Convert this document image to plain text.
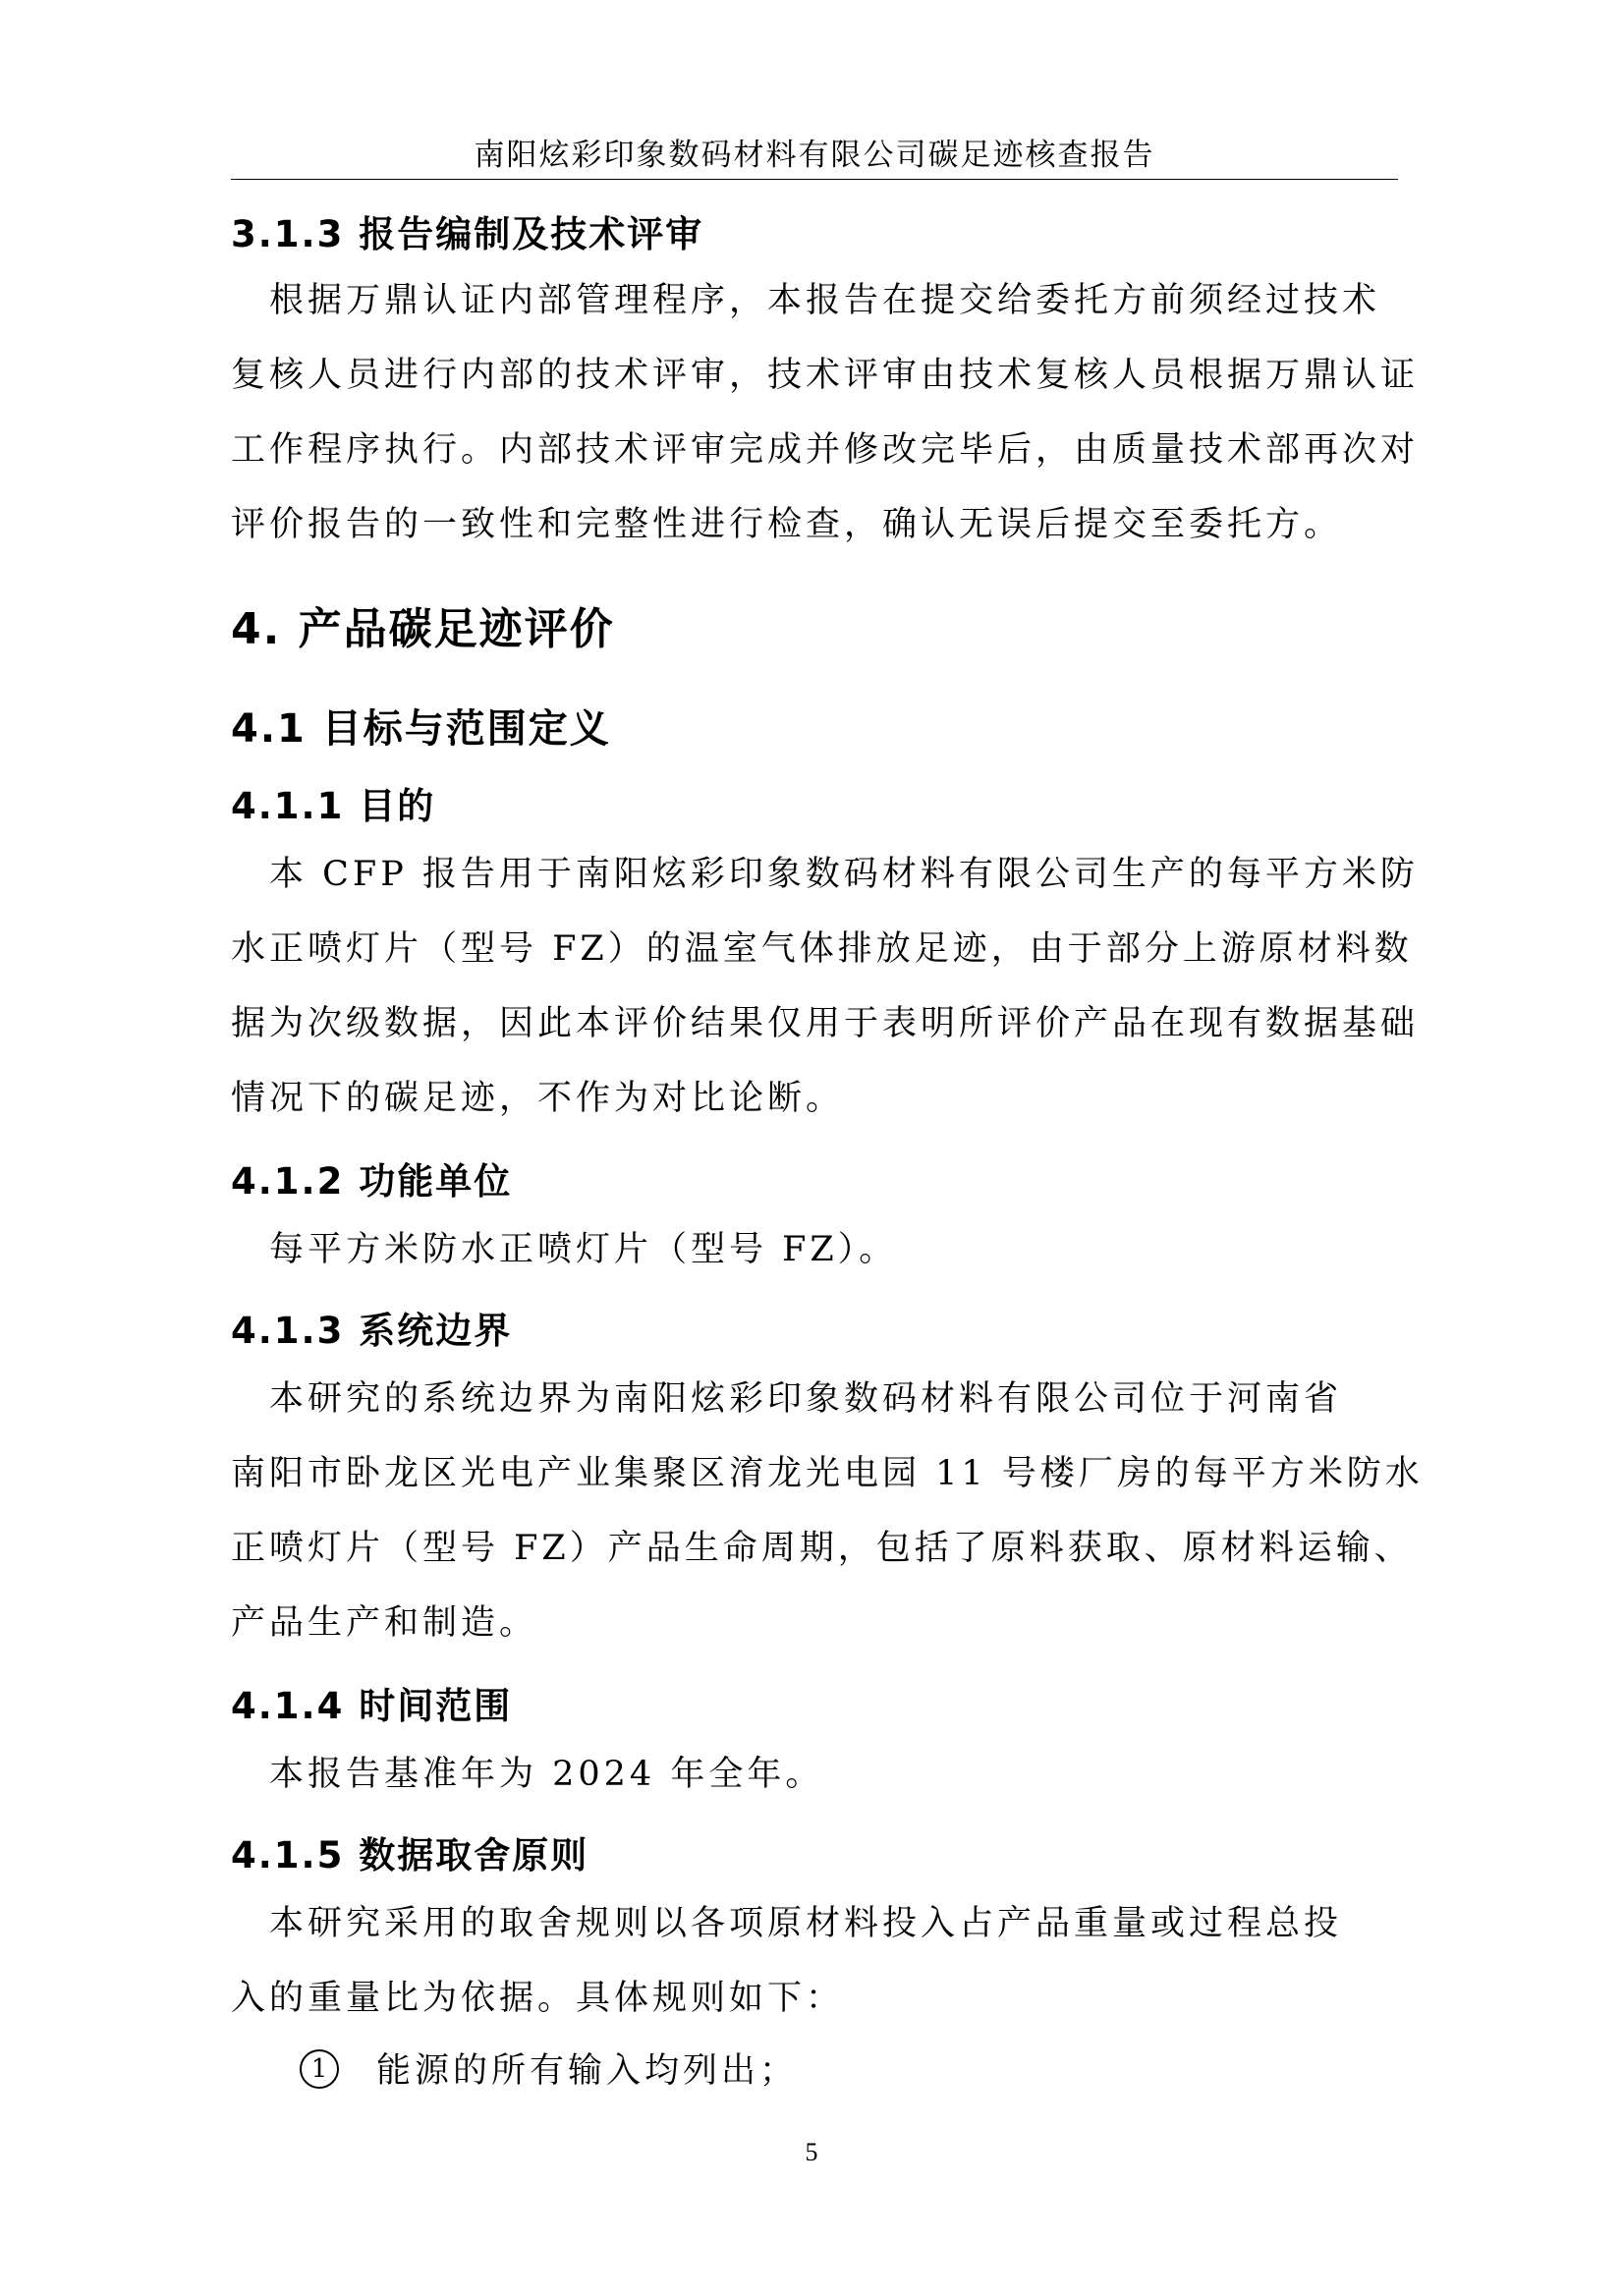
南阳炫彩印象数码材料有限公司碳足迹核查报告
3.1.3 报告编制及技术评审
　根据万鼎认证内部管理程序，本报告在提交给委托方前须经过技术
复核人员进行内部的技术评审，技术评审由技术复核人员根据万鼎认证
工作程序执行。内部技术评审完成并修改完毕后，由质量技术部再次对
评价报告的一致性和完整性进行检查，确认无误后提交至委托方。
4. 产品碳足迹评价
4.1 目标与范围定义
4.1.1 目的
　本 CFP 报告用于南阳炫彩印象数码材料有限公司生产的每平方米防
水正喷灯片（型号 FZ）的温室气体排放足迹，由于部分上游原材料数
据为次级数据，因此本评价结果仅用于表明所评价产品在现有数据基础
情况下的碳足迹，不作为对比论断。
4.1.2 功能单位
　每平方米防水正喷灯片（型号 FZ）。
4.1.3 系统边界
　本研究的系统边界为南阳炫彩印象数码材料有限公司位于河南省
南阳市卧龙区光电产业集聚区淯龙光电园 11 号楼厂房的每平方米防水
正喷灯片（型号 FZ）产品生命周期，包括了原料获取、原材料运输、
产品生产和制造。
4.1.4 时间范围
　本报告基准年为 2024 年全年。
4.1.5 数据取舍原则
　本研究采用的取舍规则以各项原材料投入占产品重量或过程总投
入的重量比为依据。具体规则如下：
1 能源的所有输入均列出；
5
